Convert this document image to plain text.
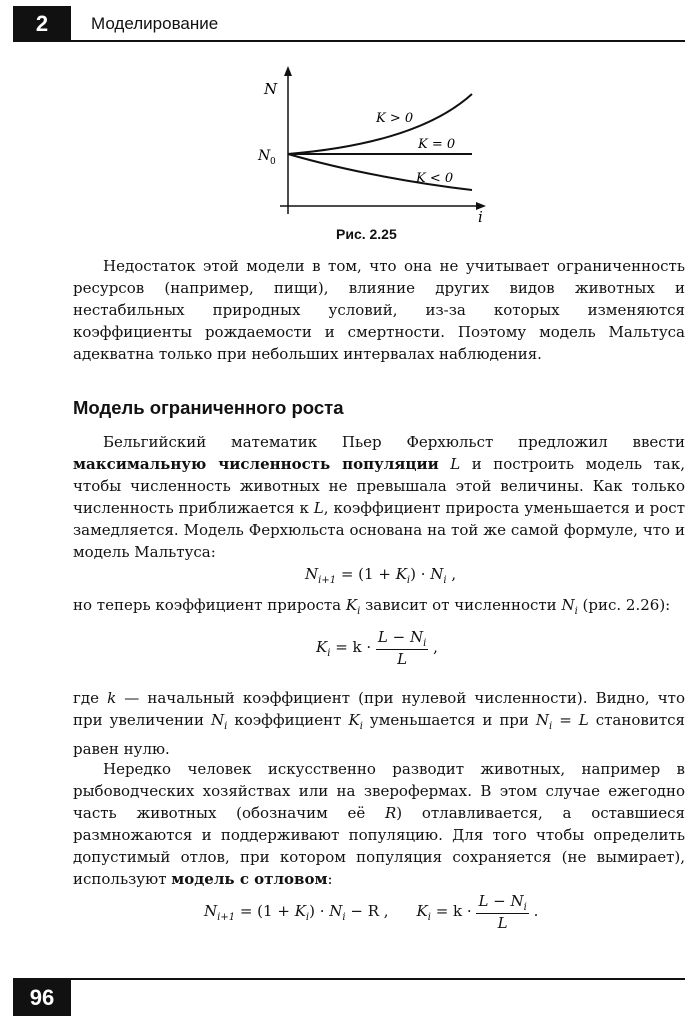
2	Моделирование
N
i
N 0
K > 0
K = 0
K < 0
Рис. 2.25
Недостаток этой модели в том, что она не учитывает ограниченность ресурсов (например, пищи), влияние других видов животных и нестабильных природных условий, из-за которых изменяются коэффициенты рождаемости и смертности. Поэтому модель Мальтуса адекватна только при небольших интервалах наблюдения.
Модель ограниченного роста
Бельгийский математик Пьер Ферхюльст предложил ввести максимальную численность популяции L и построить модель так, чтобы численность животных не превышала этой величины. Как только численность приближается к L, коэффициент прироста уменьшается и рост замедляется. Модель Ферхюльста основана на той же самой формуле, что и модель Мальтуса:
$N_{i+1} = (1 + K_i) \cdot N_i$ ,
но теперь коэффициент прироста $K_i$ зависит от численности $N_i$ (рис. 2.26):
$K_i = k \cdot \frac{L - N_i}{L}$ ,
где k — начальный коэффициент (при нулевой численности). Видно, что при увеличении $N_i$ коэффициент $K_i$ уменьшается и при $N_i = L$ становится равен нулю.
Нередко человек искусственно разводит животных, например в рыбоводческих хозяйствах или на зверофермах. В этом случае ежегодно часть животных (обозначим её R) отлавливается, а оставшиеся размножаются и поддерживают популяцию. Для того чтобы определить допустимый отлов, при котором популяция сохраняется (не вымирает), используют модель с отловом:
$N_{i+1} = (1 + K_i) \cdot N_i - R$ , $K_i = k \cdot \frac{L - N_i}{L}$ .
96
